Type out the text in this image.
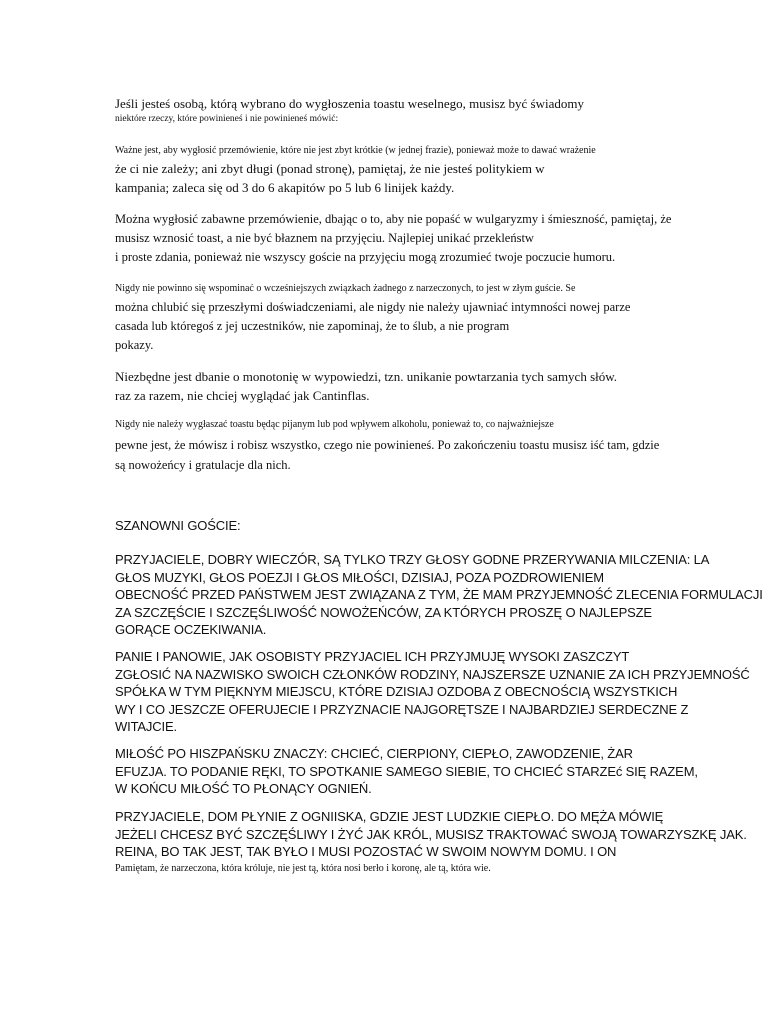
Jeśli jesteś osobą, którą wybrano do wygłoszenia toastu weselnego, musisz być świadomy
niektóre rzeczy, które powinieneś i nie powinieneś mówić:
Ważne jest, aby wygłosić przemówienie, które nie jest zbyt krótkie (w jednej frazie), ponieważ może to dawać wrażenie
że ci nie zależy; ani zbyt długi (ponad stronę), pamiętaj, że nie jesteś politykiem w
kampania; zaleca się od 3 do 6 akapitów po 5 lub 6 linijek każdy.
Można wygłosić zabawne przemówienie, dbając o to, aby nie popaść w wulgaryzmy i śmieszność, pamiętaj, że
musisz wznosić toast, a nie być błaznem na przyjęciu. Najlepiej unikać przekleństw
i proste zdania, ponieważ nie wszyscy goście na przyjęciu mogą zrozumieć twoje poczucie humoru.
Nigdy nie powinno się wspominać o wcześniejszych związkach żadnego z narzeczonych, to jest w złym guście. Se
można chlubić się przeszłymi doświadczeniami, ale nigdy nie należy ujawniać intymności nowej parze
casada lub któregoś z jej uczestników, nie zapominaj, że to ślub, a nie program
pokazy.
Niezbędne jest dbanie o monotonię w wypowiedzi, tzn. unikanie powtarzania tych samych słów.
raz za razem, nie chciej wyglądać jak Cantinflas.
Nigdy nie należy wygłaszać toastu będąc pijanym lub pod wpływem alkoholu, ponieważ to, co najważniejsze
pewne jest, że mówisz i robisz wszystko, czego nie powinieneś. Po zakończeniu toastu musisz iść tam, gdzie
są nowożeńcy i gratulacje dla nich.
SZANOWNI GOŚCIE:
PRZYJACIELE, DOBRY WIECZÓR, SĄ TYLKO TRZY GŁOSY GODNE PRZERYWANIA MILCZENIA: LA
GŁOS MUZYKI, GŁOS POEZJI I GŁOS MIŁOŚCI, DZISIAJ, POZA POZDROWIENIEM
OBECNOŚĆ PRZED PAŃSTWEM JEST ZWIĄZANA Z TYM, ŻE MAM PRZYJEMNOŚĆ ZLECENIA FORMULACJI
ZA SZCZĘŚCIE I SZCZĘŚLIWOŚĆ NOWOŻEŃCÓW, ZA KTÓRYCH PROSZĘ O NAJLEPSZE
GORĄCE OCZEKIWANIA.
PANIE I PANOWIE, JAK OSOBISTY PRZYJACIEL ICH PRZYJMUJĘ WYSOKI ZASZCZYT
ZGŁOSIĆ NA NAZWISKO SWOICH CZŁONKÓW RODZINY, NAJSZERSZE UZNANIE ZA ICH PRZYJEMNOŚĆ
SPÓŁKA W TYM PIĘKNYM MIEJSCU, KTÓRE DZISIAJ OZDOBA Z OBECNOŚCIĄ WSZYSTKICH
WY I CO JESZCZE OFERUJECIE I PRZYZNACIE NAJGORĘTSZE I NAJBARDZIEJ SERDECZNE Z
WITAJCIE.
MIŁOŚĆ PO HISZPAŃSKU ZNACZY: CHCIEĆ, CIERPIONY, CIEPŁO, ZAWODZENIE, ŻAR
EFUZJA. TO PODANIE RĘKI, TO SPOTKANIE SAMEGO SIEBIE, TO CHCIEĆ STARZEć SIĘ RAZEM,
W KOŃCU MIŁOŚĆ TO PŁONĄCY OGNIEŃ.
PRZYJACIELE, DOM PŁYNIE Z OGNIISKA, GDZIE JEST LUDZKIE CIEPŁO. DO MĘŻA MÓWIĘ
JEŻELI CHCESZ BYĆ SZCZĘŚLIWY I ŻYĆ JAK KRÓL, MUSISZ TRAKTOWAĆ SWOJĄ TOWARZYSZKĘ JAK.
REINA, BO TAK JEST, TAK BYŁO I MUSI POZOSTAĆ W SWOIM NOWYM DOMU. I ON
Pamiętam, że narzeczona, która króluje, nie jest tą, która nosi berło i koronę, ale tą, która wie.
